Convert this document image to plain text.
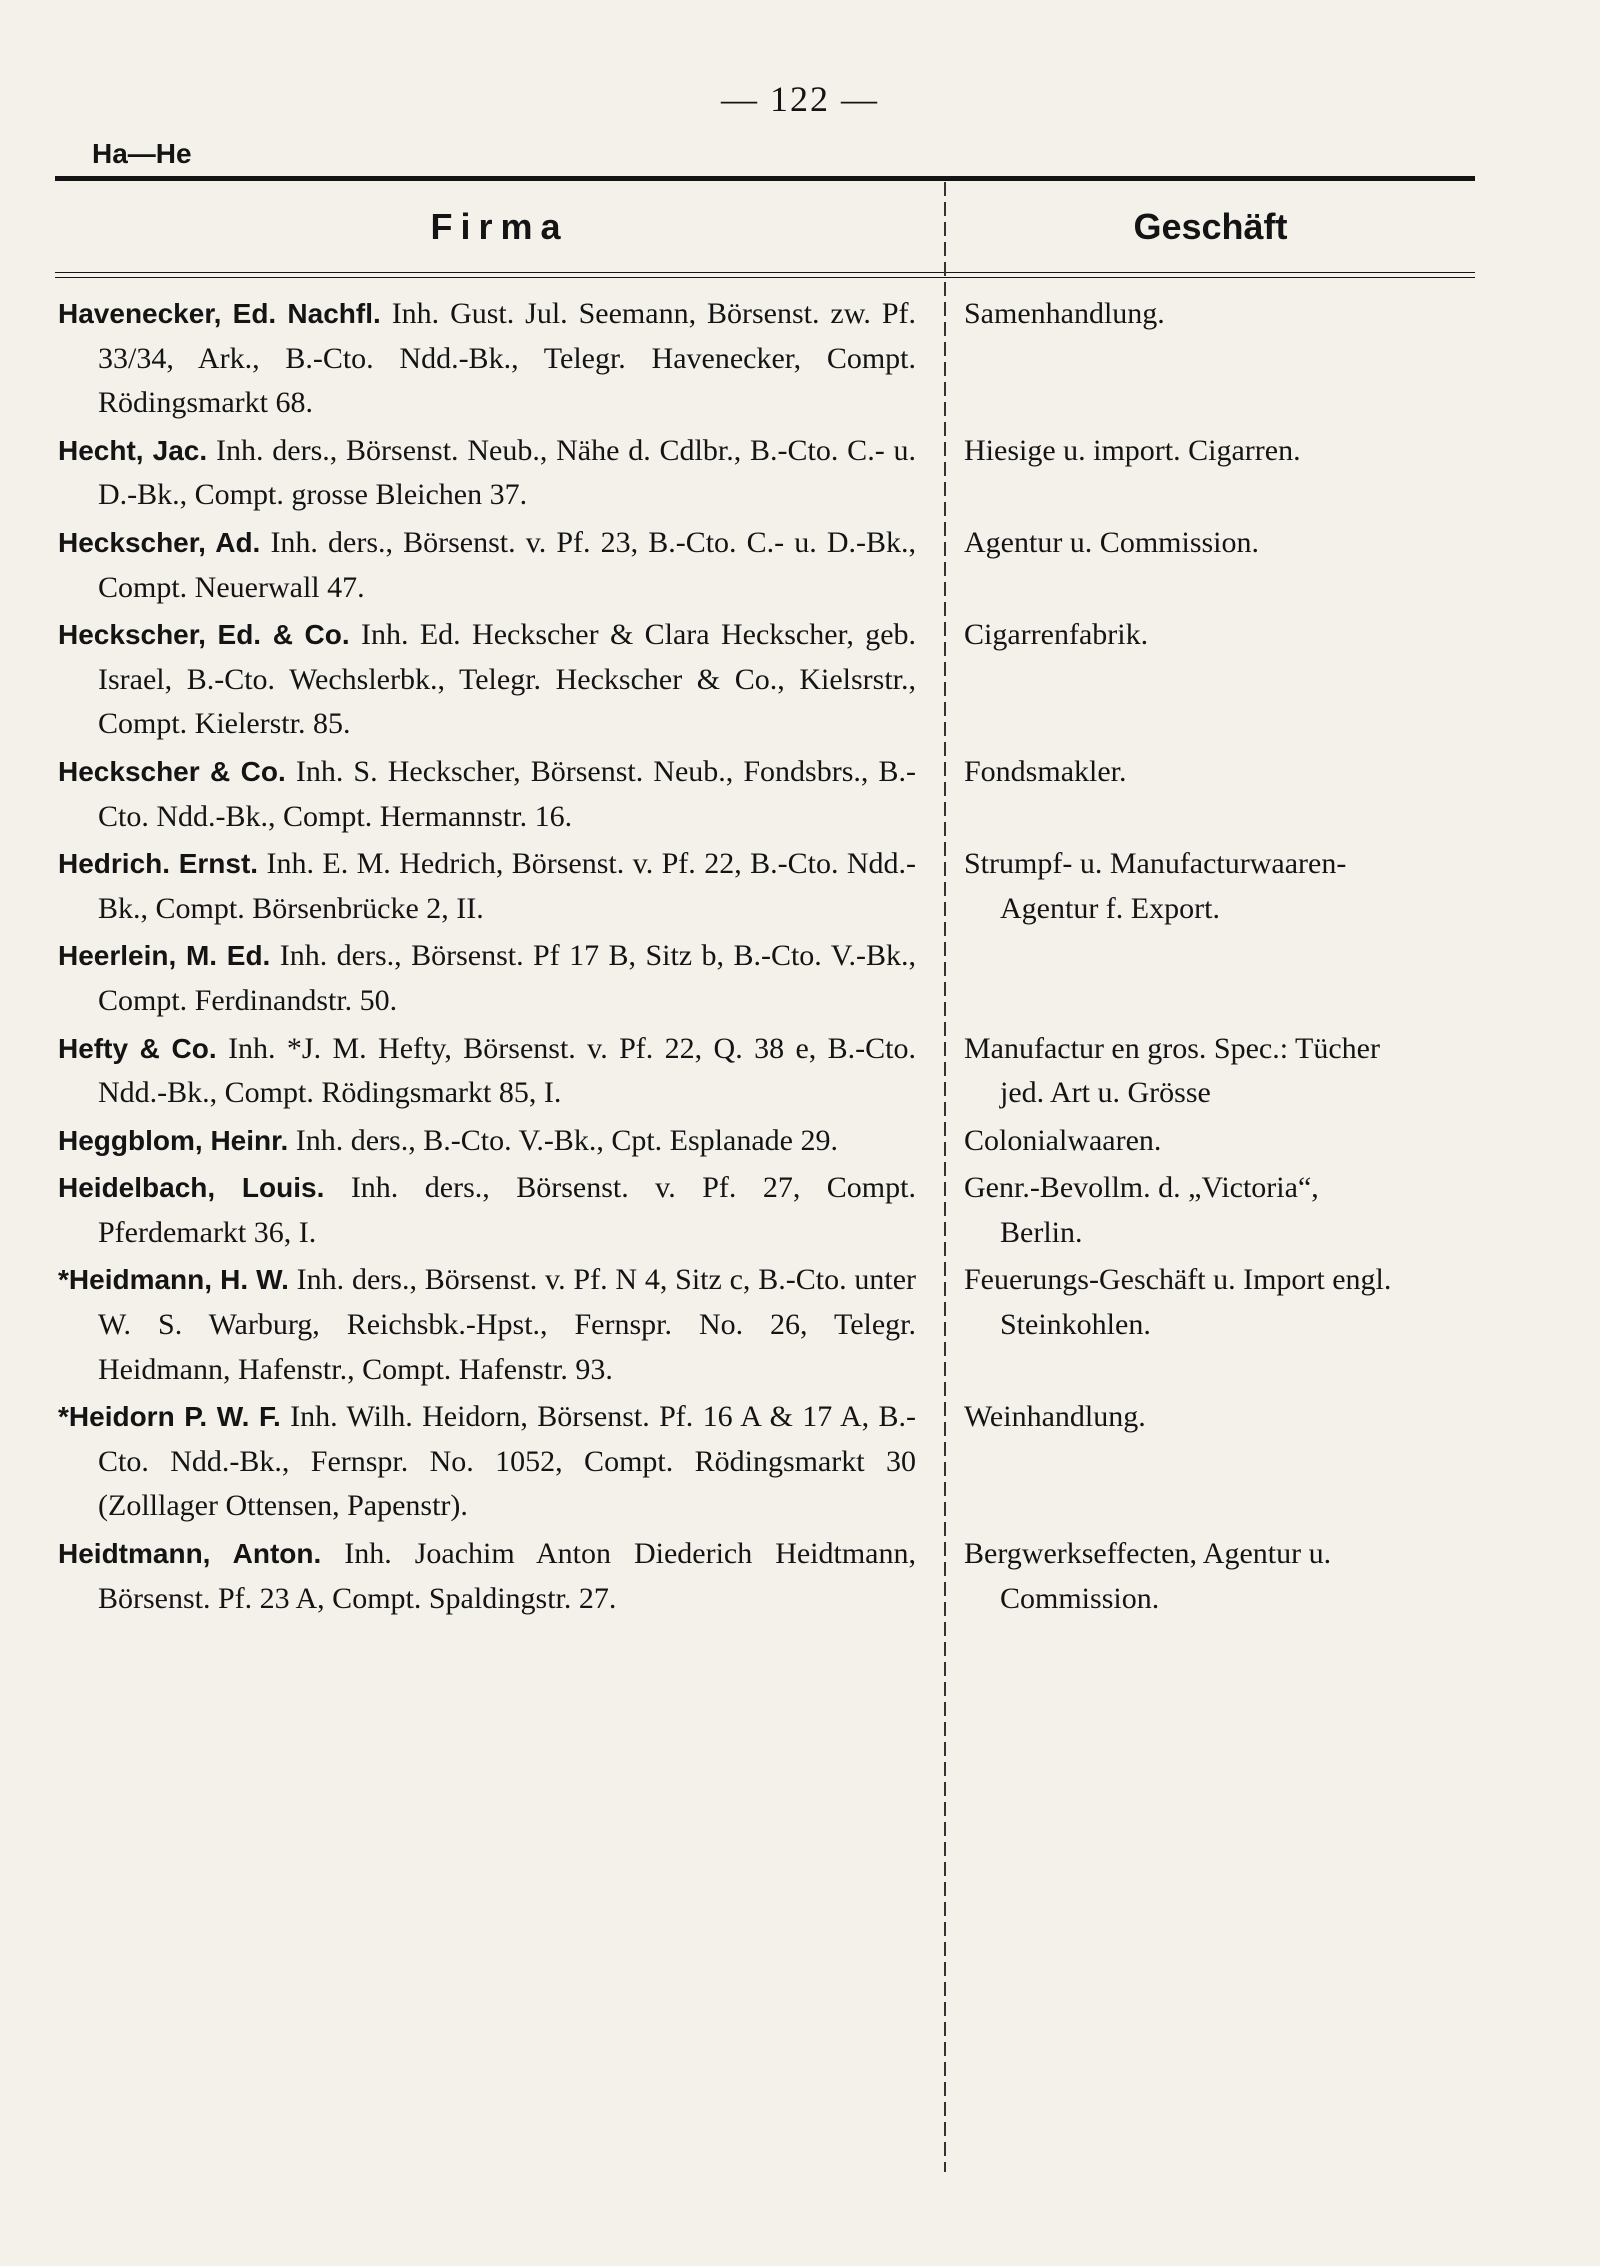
— 122 —
Ha—He
Firma	Geschäft
Havenecker, Ed. Nachfl. Inh. Gust. Jul. Seemann, Börsenst. zw. Pf. 33/34, Ark., B.-Cto. Ndd.-Bk., Telegr. Havenecker, Compt. Rödingsmarkt 68.
Samenhandlung.
Hecht, Jac. Inh. ders., Börsenst. Neub., Nähe d. Cdlbr., B.-Cto. C.- u. D.-Bk., Compt. grosse Bleichen 37.
Hiesige u. import. Cigarren.
Heckscher, Ad. Inh. ders., Börsenst. v. Pf. 23, B.-Cto. C.- u. D.-Bk., Compt. Neuerwall 47.
Agentur u. Commission.
Heckscher, Ed. & Co. Inh. Ed. Heckscher & Clara Heckscher, geb. Israel, B.-Cto. Wechslerbk., Telegr. Heckscher & Co., Kielsrstr., Compt. Kielerstr. 85.
Cigarrenfabrik.
Heckscher & Co. Inh. S. Heckscher, Börsenst. Neub., Fondsbrs., B.-Cto. Ndd.-Bk., Compt. Hermannstr. 16.
Fondsmakler.
Hedrich. Ernst. Inh. E. M. Hedrich, Börsenst. v. Pf. 22, B.-Cto. Ndd.-Bk., Compt. Börsenbrücke 2, II.
Strumpf- u. Manufacturwaaren-Agentur f. Export.
Heerlein, M. Ed. Inh. ders., Börsenst. Pf 17 B, Sitz b, B.-Cto. V.-Bk., Compt. Ferdinandstr. 50.
Hefty & Co. Inh. *J. M. Hefty, Börsenst. v. Pf. 22, Q. 38 e, B.-Cto. Ndd.-Bk., Compt. Rödingsmarkt 85, I.
Manufactur en gros. Spec.: Tücher jed. Art u. Grösse
Heggblom, Heinr. Inh. ders., B.-Cto. V.-Bk., Cpt. Esplanade 29.	Colonialwaaren.
Heidelbach, Louis. Inh. ders., Börsenst. v. Pf. 27, Compt. Pferdemarkt 36, I.
Genr.-Bevollm. d. „Victoria“, Berlin.
*Heidmann, H. W. Inh. ders., Börsenst. v. Pf. N 4, Sitz c, B.-Cto. unter W. S. Warburg, Reichsbk.-Hpst., Fernspr. No. 26, Telegr. Heidmann, Hafenstr., Compt. Hafenstr. 93.
Feuerungs-Geschäft u. Import engl. Steinkohlen.
*Heidorn P. W. F. Inh. Wilh. Heidorn, Börsenst. Pf. 16 A & 17 A, B.-Cto. Ndd.-Bk., Fernspr. No. 1052, Compt. Rödingsmarkt 30 (Zolllager Ottensen, Papenstr).
Weinhandlung.
Heidtmann, Anton. Inh. Joachim Anton Diederich Heidtmann, Börsenst. Pf. 23 A, Compt. Spaldingstr. 27.
Bergwerkseffecten, Agentur u. Commission.
